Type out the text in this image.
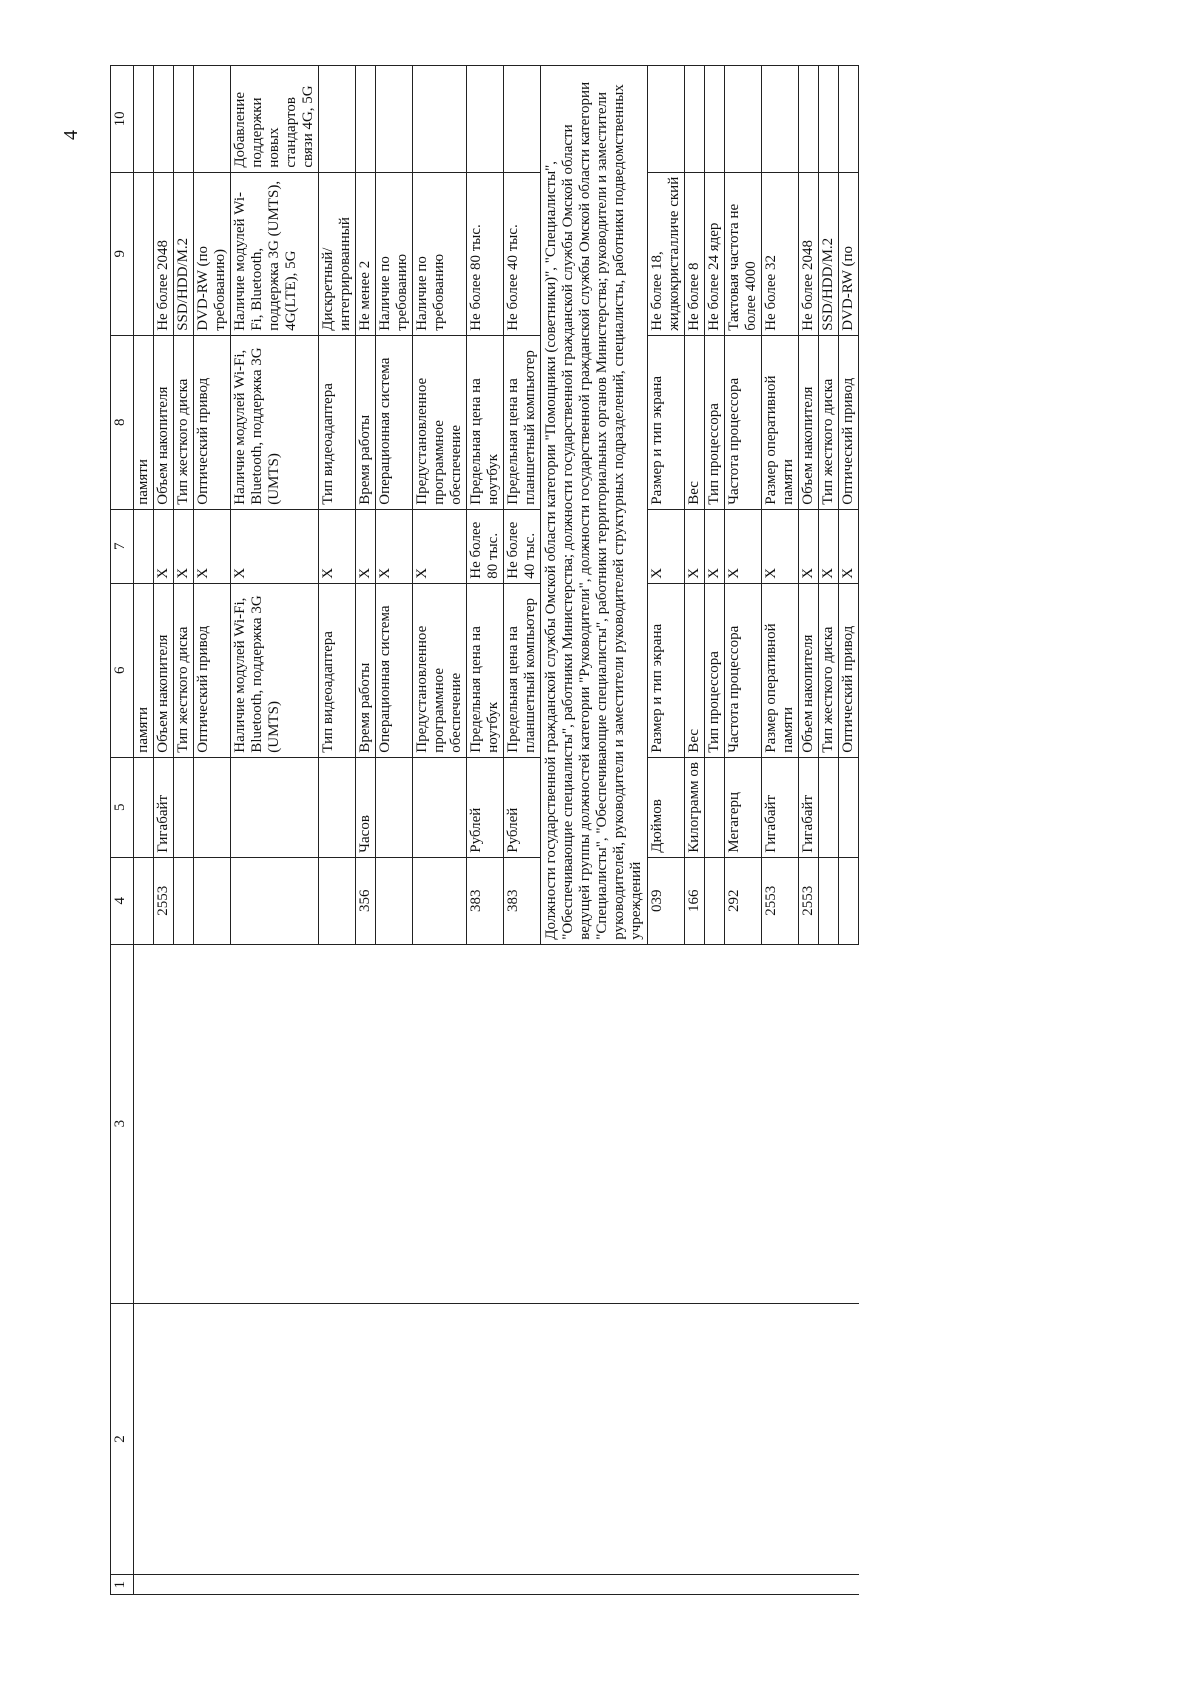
4
1	2	3	4	5	6	7	8	9	10
					памяти		памяти		
			2553	Гигабайт	Объем накопителя	X	Объем накопителя	Не более 2048	
					Тип жесткого диска	X	Тип жесткого диска	SSD/HDD/M.2	
					Оптический привод	X	Оптический привод	DVD-RW (по требованию)	
					Наличие модулей Wi-Fi, Bluetooth, поддержка 3G (UMTS)	X	Наличие модулей Wi-Fi, Bluetooth, поддержка 3G (UMTS)	Наличие модулей Wi-Fi, Bluetooth, поддержка 3G (UMTS), 4G(LTE), 5G	Добавление поддержки новых стандартов связи 4G, 5G
					Тип видеоадаптера	X	Тип видеоадаптера	Дискретный/ интегрированный	
			356	Часов	Время работы	X	Время работы	Не менее 2	
					Операционная система	X	Операционная система	Наличие по требованию	
					Предустановленное программное обеспечение	X	Предустановленное программное обеспечение	Наличие по требованию	
			383	Рублей	Предельная цена на ноутбук	Не более 80 тыс.	Предельная цена на ноутбук	Не более 80 тыс.	
			383	Рублей	Предельная цена на планшетный компьютер	Не более 40 тыс.	Предельная цена на планшетный компьютер	Не более 40 тыс.	
			Должности государственной гражданской службы Омской области категории "Помощники (советники)", "Специалисты", "Обеспечивающие специалисты", работники Министерства; должности государственной гражданской службы Омской области ведущей группы должностей категории "Руководители", должности государственной гражданской службы Омской области категории "Специалисты", "Обеспечивающие специалисты", работники территориальных органов Министерства; руководители и заместители руководителей, руководители и заместители руководителей структурных подразделений, специалисты, работники подведомственных учреждений						
			039	Дюймов	Размер и тип экрана	X	Размер и тип экрана	Не более 18, жидкокристалличе ский	
			166	Килограмм ов	Вес	X	Вес	Не более 8	
					Тип процессора	X	Тип процессора	Не более 24 ядер	
			292	Мегагерц	Частота процессора	X	Частота процессора	Тактовая частота не более 4000	
			2553	Гигабайт	Размер оперативной памяти	X	Размер оперативной памяти	Не более 32	
			2553	Гигабайт	Объем накопителя	X	Объем накопителя	Не более 2048	
					Тип жесткого диска	X	Тип жесткого диска	SSD/HDD/M.2	
					Оптический привод	X	Оптический привод	DVD-RW (по	
